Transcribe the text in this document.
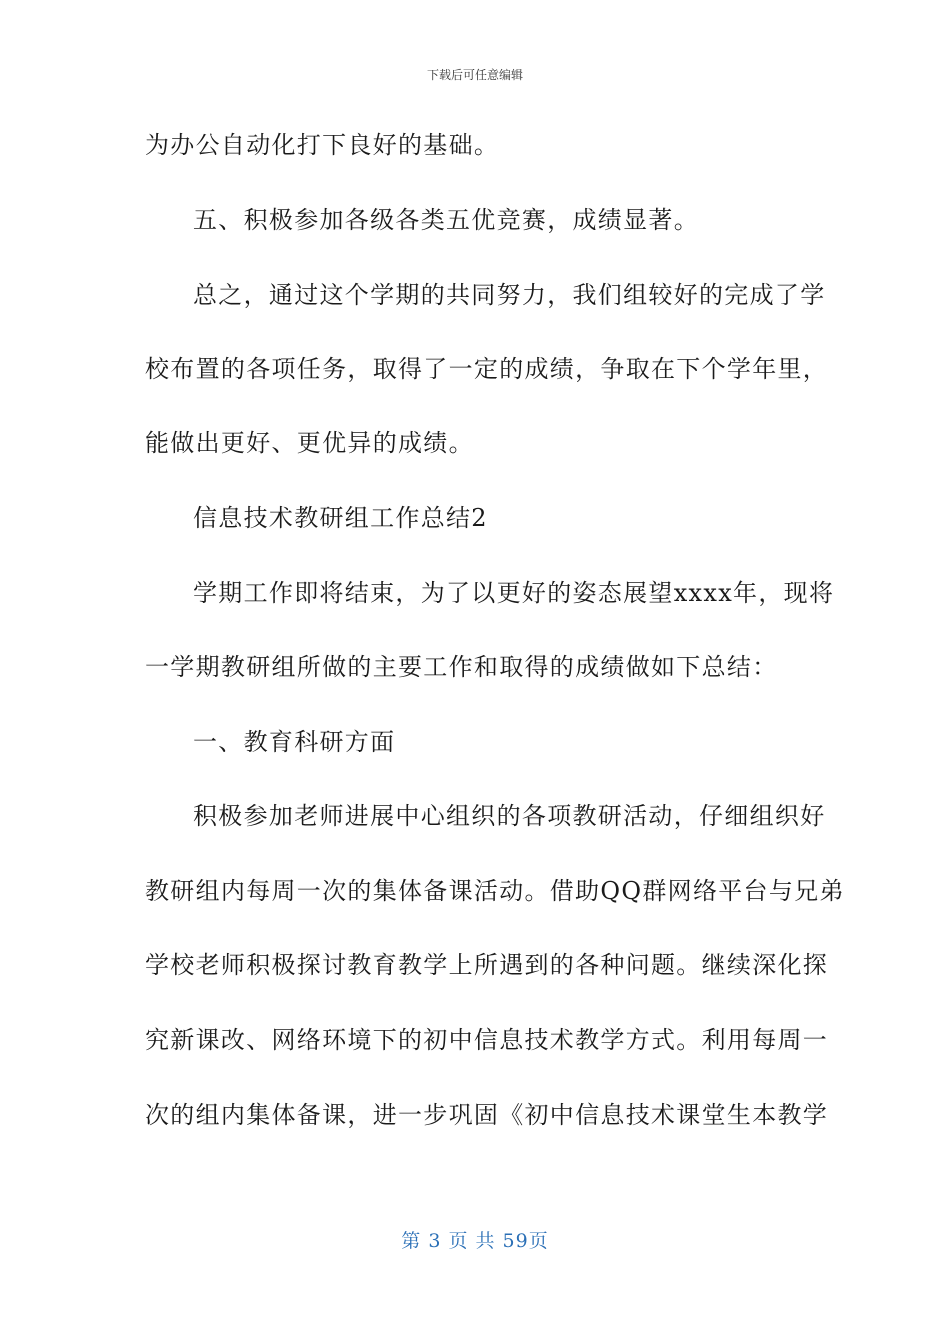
下载后可任意编辑
为办公自动化打下良好的基础。
五、积极参加各级各类五优竞赛，成绩显著。
总之，通过这个学期的共同努力，我们组较好的完成了学
校布置的各项任务，取得了一定的成绩，争取在下个学年里，
能做出更好、更优异的成绩。
信息技术教研组工作总结2
学期工作即将结束，为了以更好的姿态展望xxxx年，现将
一学期教研组所做的主要工作和取得的成绩做如下总结：
一、教育科研方面
积极参加老师进展中心组织的各项教研活动，仔细组织好
教研组内每周一次的集体备课活动。借助QQ群网络平台与兄弟
学校老师积极探讨教育教学上所遇到的各种问题。继续深化探
究新课改、网络环境下的初中信息技术教学方式。利用每周一
次的组内集体备课，进一步巩固《初中信息技术课堂生本教学
第 3 页 共 59页
